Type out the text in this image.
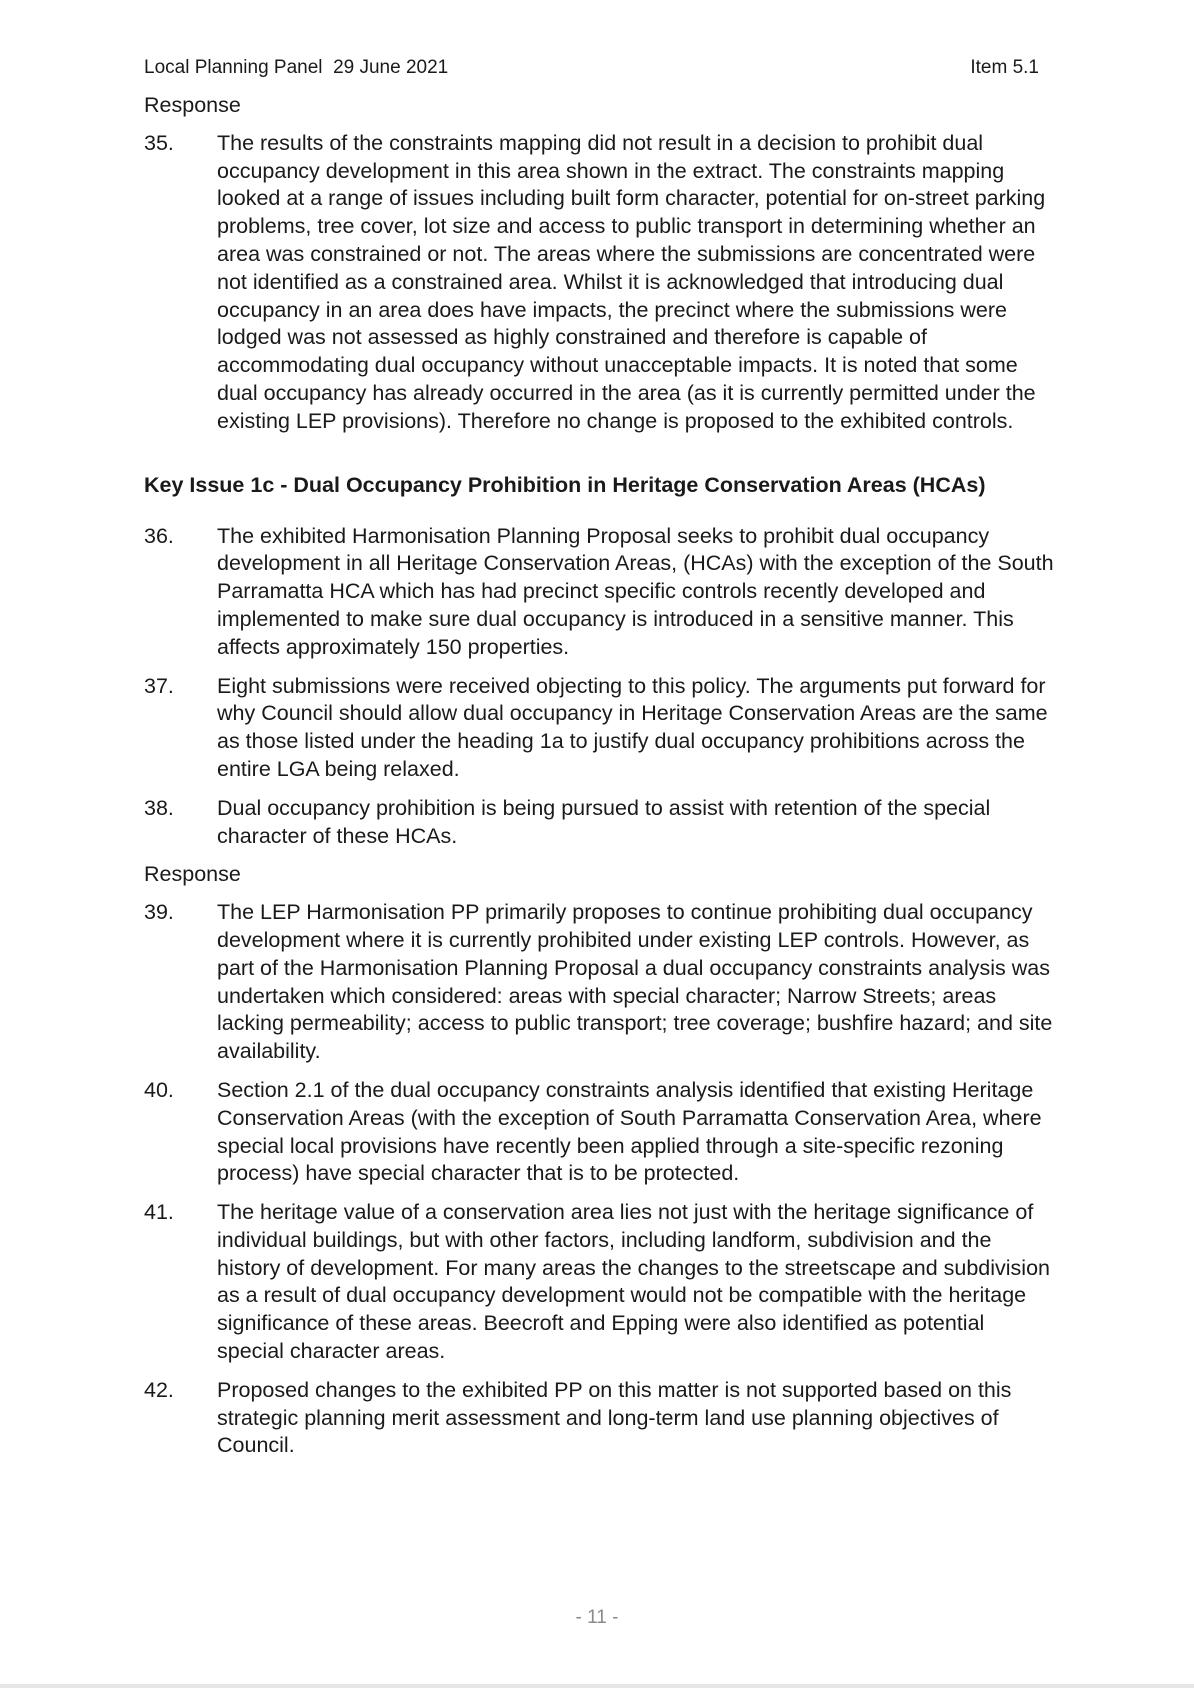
Local Planning Panel  29 June 2021	Item 5.1
Response
35.	The results of the constraints mapping did not result in a decision to prohibit dual occupancy development in this area shown in the extract. The constraints mapping looked at a range of issues including built form character, potential for on-street parking problems, tree cover, lot size and access to public transport in determining whether an area was constrained or not. The areas where the submissions are concentrated were not identified as a constrained area. Whilst it is acknowledged that introducing dual occupancy in an area does have impacts, the precinct where the submissions were lodged was not assessed as highly constrained and therefore is capable of accommodating dual occupancy without unacceptable impacts. It is noted that some dual occupancy has already occurred in the area (as it is currently permitted under the existing LEP provisions). Therefore no change is proposed to the exhibited controls.
Key Issue 1c - Dual Occupancy Prohibition in Heritage Conservation Areas (HCAs)
36.	The exhibited Harmonisation Planning Proposal seeks to prohibit dual occupancy development in all Heritage Conservation Areas, (HCAs) with the exception of the South Parramatta HCA which has had precinct specific controls recently developed and implemented to make sure dual occupancy is introduced in a sensitive manner. This affects approximately 150 properties.
37.	Eight submissions were received objecting to this policy. The arguments put forward for why Council should allow dual occupancy in Heritage Conservation Areas are the same as those listed under the heading 1a to justify dual occupancy prohibitions across the entire LGA being relaxed.
38.	Dual occupancy prohibition is being pursued to assist with retention of the special character of these HCAs.
Response
39.	The LEP Harmonisation PP primarily proposes to continue prohibiting dual occupancy development where it is currently prohibited under existing LEP controls. However, as part of the Harmonisation Planning Proposal a dual occupancy constraints analysis was undertaken which considered: areas with special character; Narrow Streets; areas lacking permeability; access to public transport; tree coverage; bushfire hazard; and site availability.
40.	Section 2.1 of the dual occupancy constraints analysis identified that existing Heritage Conservation Areas (with the exception of South Parramatta Conservation Area, where special local provisions have recently been applied through a site-specific rezoning process) have special character that is to be protected.
41.	The heritage value of a conservation area lies not just with the heritage significance of individual buildings, but with other factors, including landform, subdivision and the history of development. For many areas the changes to the streetscape and subdivision as a result of dual occupancy development would not be compatible with the heritage significance of these areas. Beecroft and Epping were also identified as potential special character areas.
42.	Proposed changes to the exhibited PP on this matter is not supported based on this strategic planning merit assessment and long-term land use planning objectives of Council.
- 11 -
